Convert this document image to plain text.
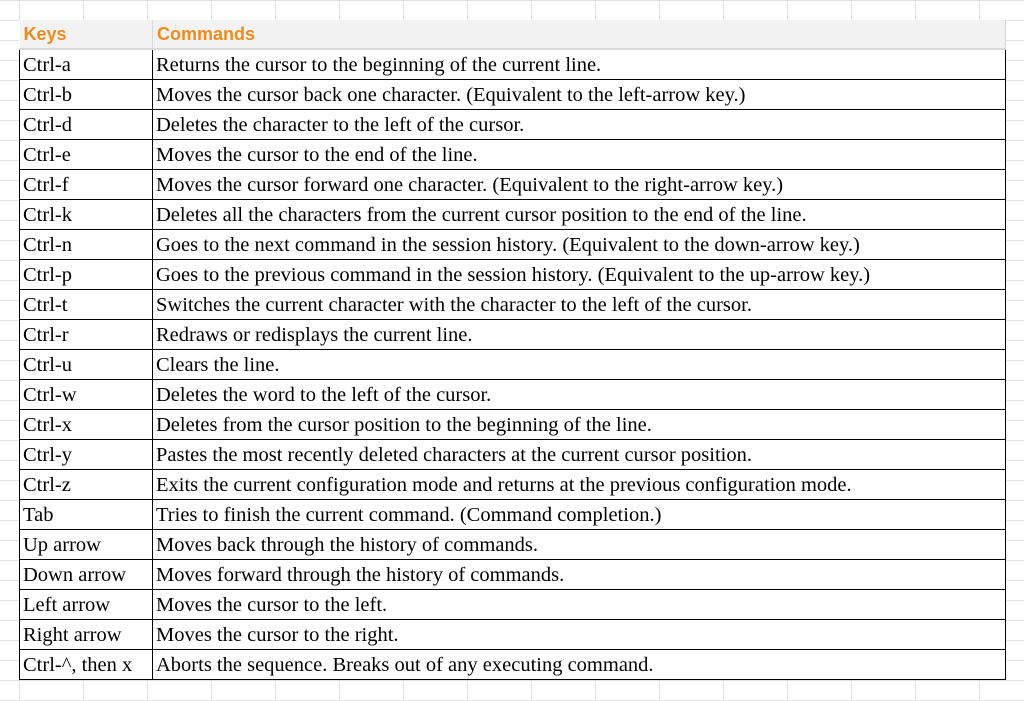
Keys	Commands
Ctrl-a	Returns the cursor to the beginning of the current line.
Ctrl-b	Moves the cursor back one character. (Equivalent to the left-arrow key.)
Ctrl-d	Deletes the character to the left of the cursor.
Ctrl-e	Moves the cursor to the end of the line.
Ctrl-f	Moves the cursor forward one character. (Equivalent to the right-arrow key.)
Ctrl-k	Deletes all the characters from the current cursor position to the end of the line.
Ctrl-n	Goes to the next command in the session history. (Equivalent to the down-arrow key.)
Ctrl-p	Goes to the previous command in the session history. (Equivalent to the up-arrow key.)
Ctrl-t	Switches the current character with the character to the left of the cursor.
Ctrl-r	Redraws or redisplays the current line.
Ctrl-u	Clears the line.
Ctrl-w	Deletes the word to the left of the cursor.
Ctrl-x	Deletes from the cursor position to the beginning of the line.
Ctrl-y	Pastes the most recently deleted characters at the current cursor position.
Ctrl-z	Exits the current configuration mode and returns at the previous configuration mode.
Tab	Tries to finish the current command. (Command completion.)
Up arrow	Moves back through the history of commands.
Down arrow	Moves forward through the history of commands.
Left arrow	Moves the cursor to the left.
Right arrow	Moves the cursor to the right.
Ctrl-^, then x	Aborts the sequence. Breaks out of any executing command.
